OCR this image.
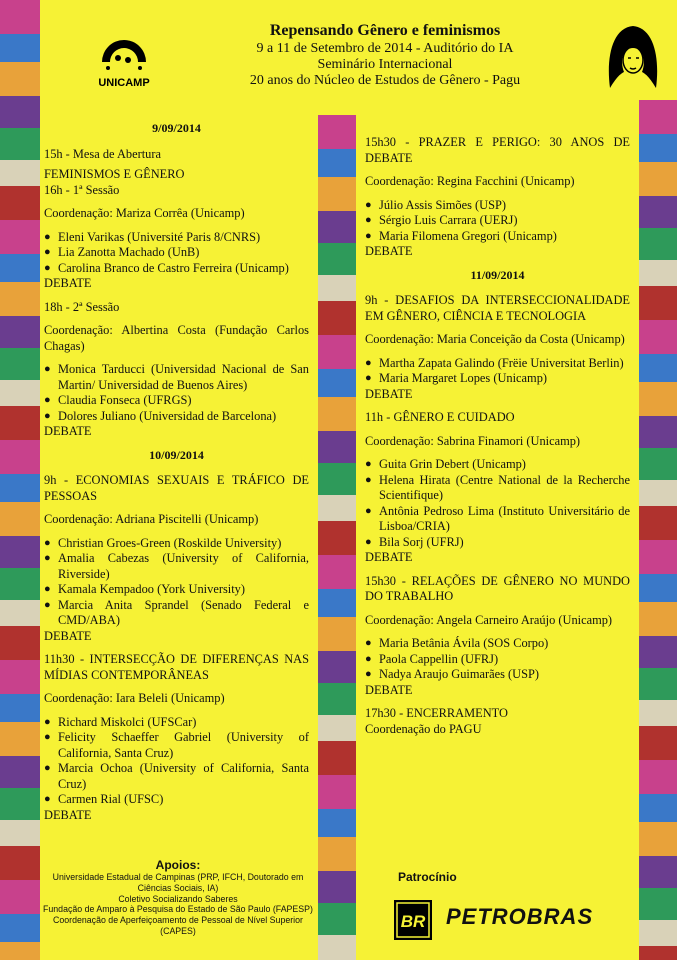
UNICAMP
Repensando Gênero e feminismos
9 a 11 de Setembro de 2014 - Auditório do IA
Seminário Internacional
20 anos do Núcleo de Estudos de Gênero - Pagu
9/09/2014

15h - Mesa de Abertura

FEMINISMOS E GÊNERO

16h - 1ª Sessão

Coordenação: Mariza Corrêa (Unicamp)

● Eleni Varikas (Université Paris 8/CNRS)
● Lia Zanotta Machado (UnB)
● Carolina Branco de Castro Ferreira (Unicamp)

DEBATE

18h - 2ª Sessão

Coordenação: Albertina Costa (Fundação Carlos Chagas)

● Monica Tarducci (Universidad Nacional de San Martin/ Universidad de Buenos Aires)
● Claudia Fonseca (UFRGS)
● Dolores Juliano (Universidad de Barcelona)

DEBATE

10/09/2014

9h - ECONOMIAS SEXUAIS E TRÁFICO DE PESSOAS

Coordenação: Adriana Piscitelli (Unicamp)

● Christian Groes-Green (Roskilde University)
● Amalia Cabezas (University of California, Riverside)
● Kamala Kempadoo (York University)
● Marcia Anita Sprandel (Senado Federal e CMD/ABA)

DEBATE

11h30 - INTERSECÇÃO DE DIFERENÇAS NAS MÍDIAS CONTEMPORÂNEAS

Coordenação: Iara Beleli (Unicamp)

● Richard Miskolci (UFSCar)
● Felicity Schaeffer Gabriel (University of California, Santa Cruz)
● Marcia Ochoa (University of California, Santa Cruz)
● Carmen Rial (UFSC)

DEBATE

15h30 - PRAZER E PERIGO: 30 ANOS DE DEBATE

Coordenação: Regina Facchini (Unicamp)

● Júlio Assis Simões (USP)
● Sérgio Luis Carrara (UERJ)
● Maria Filomena Gregori (Unicamp)

DEBATE

11/09/2014

9h - DESAFIOS DA INTERSECCIONALIDADE EM GÊNERO, CIÊNCIA E TECNOLOGIA

Coordenação: Maria Conceição da Costa (Unicamp)

● Martha Zapata Galindo (Frëie Universitat Berlin)
● Maria Margaret Lopes (Unicamp)

DEBATE

11h - GÊNERO E CUIDADO

Coordenação: Sabrina Finamori (Unicamp)

● Guita Grin Debert (Unicamp)
● Helena Hirata (Centre National de la Recherche Scientifique)
● Antônia Pedroso Lima (Instituto Universitário de Lisboa/CRIA)
● Bila Sorj (UFRJ)

DEBATE

15h30 - RELAÇÕES DE GÊNERO NO MUNDO DO TRABALHO

Coordenação: Angela Carneiro Araújo (Unicamp)

● Maria Betânia Ávila (SOS Corpo)
● Paola Cappellin (UFRJ)
● Nadya Araujo Guimarães (USP)

DEBATE

17h30 - ENCERRAMENTO

Coordenação do PAGU

Apoios:
Universidade Estadual de Campinas (PRP, IFCH, Doutorado em Ciências Sociais, IA)
Coletivo Socializando Saberes
Fundação de Amparo à Pesquisa do Estado de São Paulo (FAPESP)
Coordenação de Aperfeiçoamento de Pessoal de Nível Superior (CAPES)
Patrocínio
BR PETROBRAS
